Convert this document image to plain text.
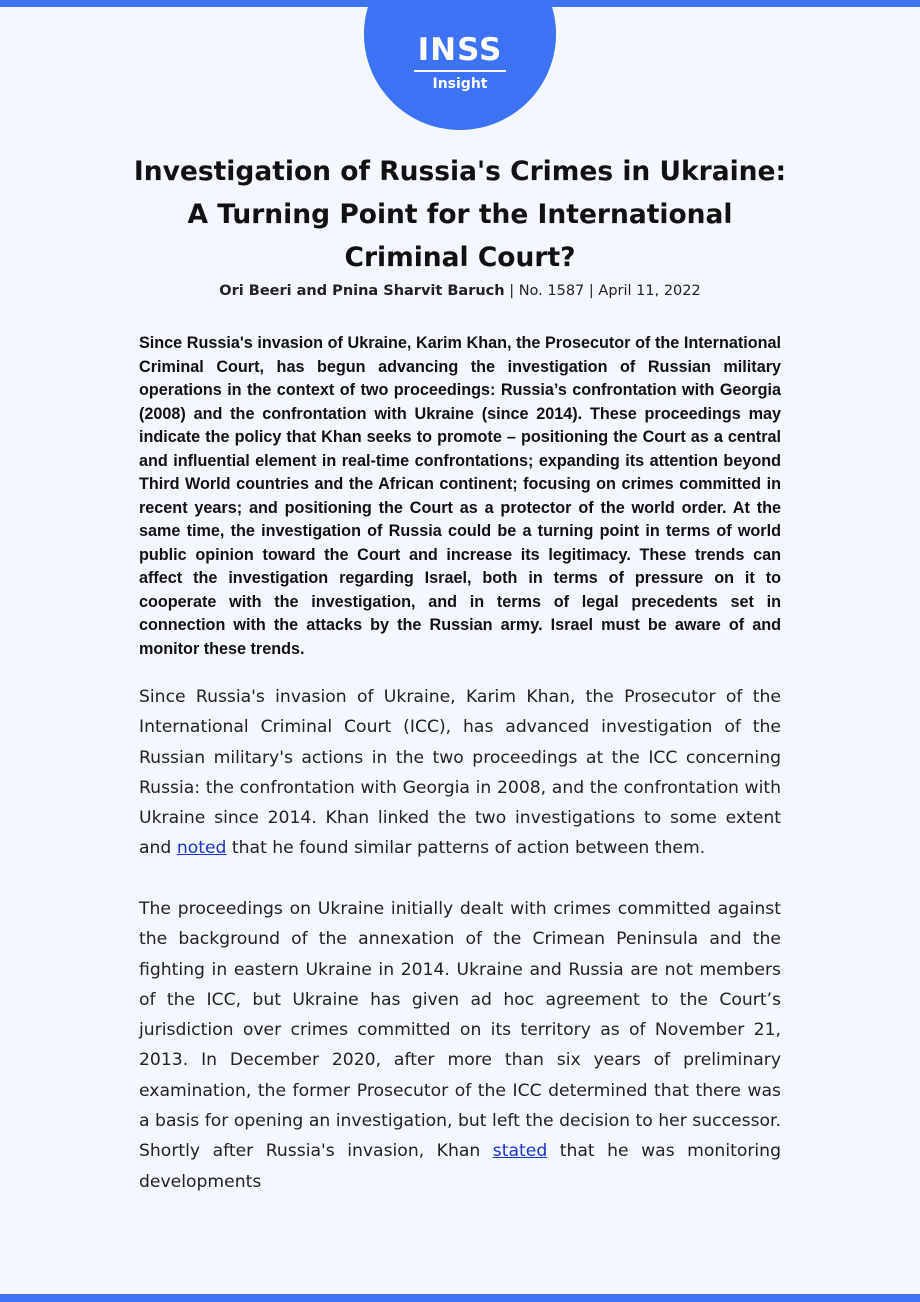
INSS
Insight
Investigation of Russia's Crimes in Ukraine: A Turning Point for the International Criminal Court?
Ori Beeri and Pnina Sharvit Baruch | No. 1587 | April 11, 2022

Since Russia's invasion of Ukraine, Karim Khan, the Prosecutor of the International Criminal Court, has begun advancing the investigation of Russian military operations in the context of two proceedings: Russia’s confrontation with Georgia (2008) and the confrontation with Ukraine (since 2014). These proceedings may indicate the policy that Khan seeks to promote – positioning the Court as a central and influential element in real-time confrontations; expanding its attention beyond Third World countries and the African continent; focusing on crimes committed in recent years; and positioning the Court as a protector of the world order. At the same time, the investigation of Russia could be a turning point in terms of world public opinion toward the Court and increase its legitimacy. These trends can affect the investigation regarding Israel, both in terms of pressure on it to cooperate with the investigation, and in terms of legal precedents set in connection with the attacks by the Russian army. Israel must be aware of and monitor these trends.

Since Russia's invasion of Ukraine, Karim Khan, the Prosecutor of the International Criminal Court (ICC), has advanced investigation of the Russian military's actions in the two proceedings at the ICC concerning Russia: the confrontation with Georgia in 2008, and the confrontation with Ukraine since 2014. Khan linked the two investigations to some extent and noted that he found similar patterns of action between them.

The proceedings on Ukraine initially dealt with crimes committed against the background of the annexation of the Crimean Peninsula and the fighting in eastern Ukraine in 2014. Ukraine and Russia are not members of the ICC, but Ukraine has given ad hoc agreement to the Court’s jurisdiction over crimes committed on its territory as of November 21, 2013. In December 2020, after more than six years of preliminary examination, the former Prosecutor of the ICC determined that there was a basis for opening an investigation, but left the decision to her successor. Shortly after Russia's invasion, Khan stated that he was monitoring developments
